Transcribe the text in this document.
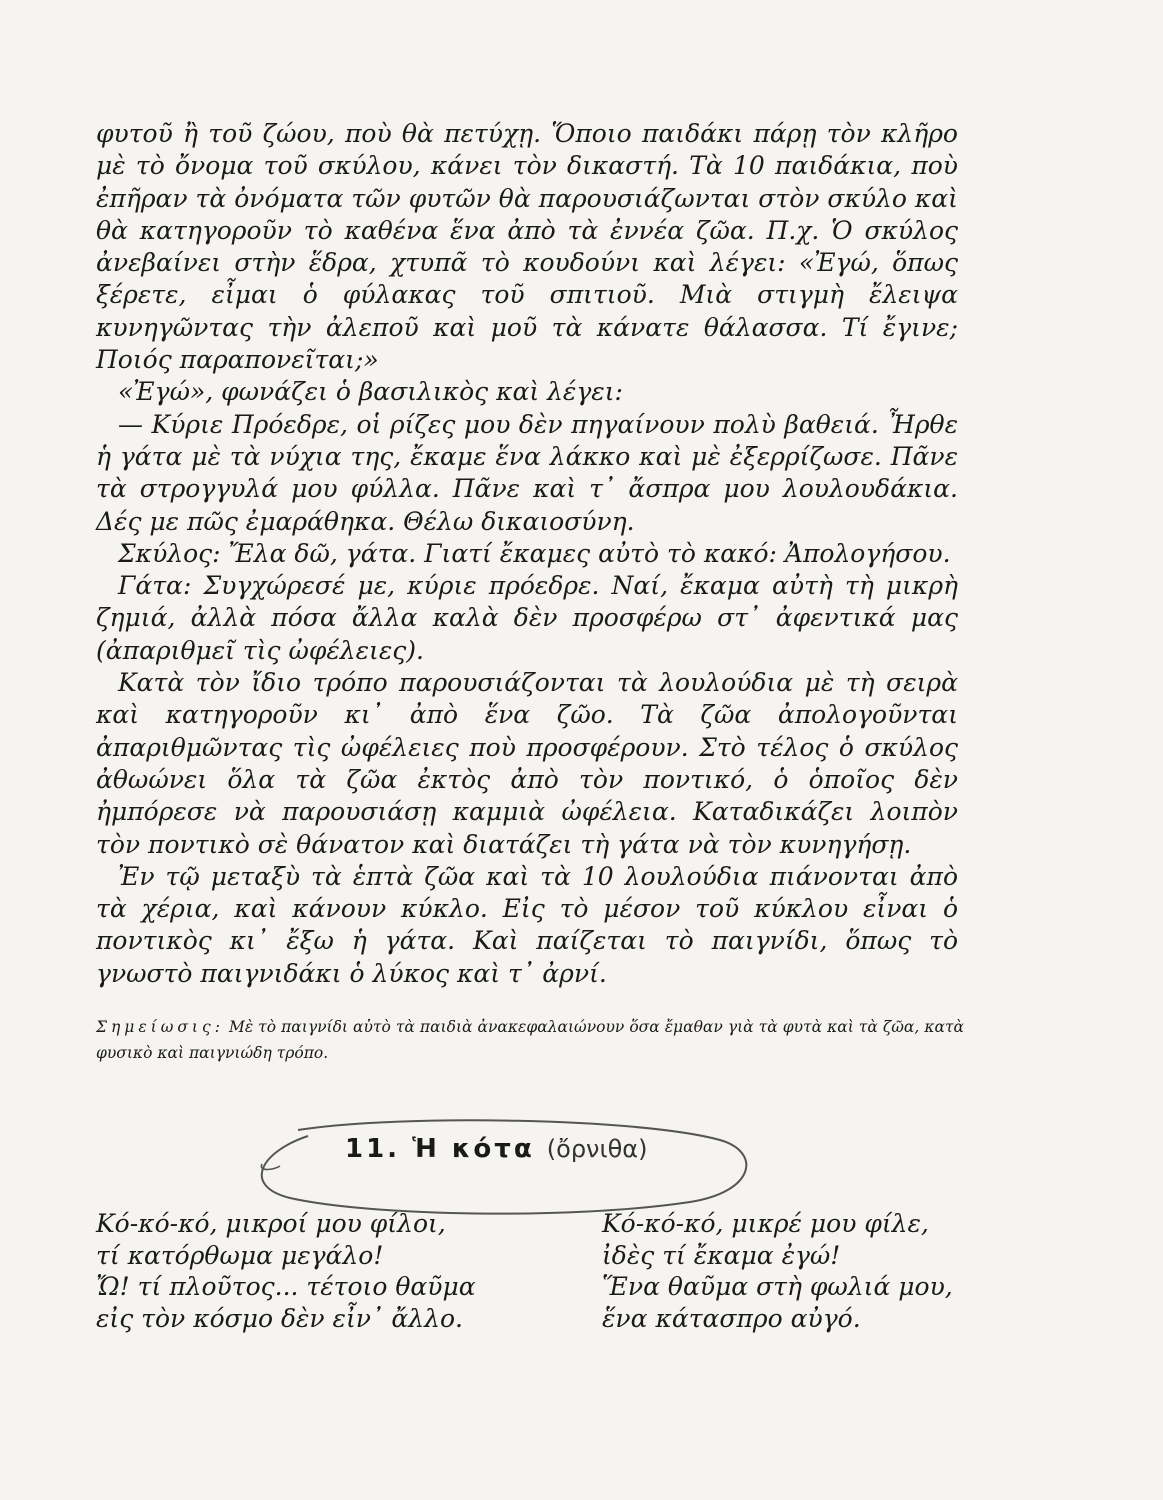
φυτοῦ ἢ τοῦ ζώου, ποὺ θὰ πετύχῃ. Ὅποιο παιδάκι πάρῃ τὸν κλῆρο μὲ τὸ ὄνομα τοῦ σκύλου, κάνει τὸν δικαστή. Τὰ 10 παιδάκια, ποὺ ἐπῆραν τὰ ὀνόματα τῶν φυτῶν θὰ παρουσιάζωνται στὸν σκύλο καὶ θὰ κατηγοροῦν τὸ καθένα ἕνα ἀπὸ τὰ ἐννέα ζῶα. Π.χ. Ὁ σκύλος ἀνεβαίνει στὴν ἕδρα, χτυπᾶ τὸ κουδούνι καὶ λέγει: «Ἐγώ, ὅπως ξέρετε, εἶμαι ὁ φύλακας τοῦ σπιτιοῦ. Μιὰ στιγμὴ ἔλειψα κυνηγῶντας τὴν ἀλεποῦ καὶ μοῦ τὰ κάνατε θάλασσα. Τί ἔγινε; Ποιός παραπονεῖται;»

«Ἐγώ», φωνάζει ὁ βασιλικὸς καὶ λέγει:

— Κύριε Πρόεδρε, οἱ ρίζες μου δὲν πηγαίνουν πολὺ βαθειά. Ἦρθε ἡ γάτα μὲ τὰ νύχια της, ἔκαμε ἕνα λάκκο καὶ μὲ ἐξερρίζωσε. Πᾶνε τὰ στρογγυλά μου φύλλα. Πᾶνε καὶ τ᾽ ἄσπρα μου λουλουδάκια. Δές με πῶς ἐμαράθηκα. Θέλω δικαιοσύνη.

Σκύλος: Ἔλα δῶ, γάτα. Γιατί ἔκαμες αὐτὸ τὸ κακό: Ἀπολογήσου.

Γάτα: Συγχώρεσέ με, κύριε πρόεδρε. Ναί, ἔκαμα αὐτὴ τὴ μικρὴ ζημιά, ἀλλὰ πόσα ἄλλα καλὰ δὲν προσφέρω στ᾽ ἀφεντικά μας (ἀπαριθμεῖ τὶς ὠφέλειες).

Κατὰ τὸν ἴδιο τρόπο παρουσιάζονται τὰ λουλούδια μὲ τὴ σειρὰ καὶ κατηγοροῦν κι᾽ ἀπὸ ἕνα ζῶο. Τὰ ζῶα ἀπολογοῦνται ἀπαριθμῶντας τὶς ὠφέλειες ποὺ προσφέρουν. Στὸ τέλος ὁ σκύλος ἀθωώνει ὅλα τὰ ζῶα ἐκτὸς ἀπὸ τὸν ποντικό, ὁ ὁποῖος δὲν ἠμπόρεσε νὰ παρουσιάσῃ καμμιὰ ὠφέλεια. Καταδικάζει λοιπὸν τὸν ποντικὸ σὲ θάνατον καὶ διατάζει τὴ γάτα νὰ τὸν κυνηγήσῃ.

Ἐν τῷ μεταξὺ τὰ ἑπτὰ ζῶα καὶ τὰ 10 λουλούδια πιάνονται ἀπὸ τὰ χέρια, καὶ κάνουν κύκλο. Εἰς τὸ μέσον τοῦ κύκλου εἶναι ὁ ποντικὸς κι᾽ ἔξω ἡ γάτα. Καὶ παίζεται τὸ παιγνίδι, ὅπως τὸ γνωστὸ παιγνιδάκι ὁ λύκος καὶ τ᾽ ἀρνί.

Σημείωσις: Μὲ τὸ παιγνίδι αὐτὸ τὰ παιδιὰ ἀνακεφαλαιώνουν ὅσα ἔμαθαν γιὰ τὰ φυτὰ καὶ τὰ ζῶα, κατὰ φυσικὸ καὶ παιγνιώδη τρόπο.
11. Ἡ κότα (ὄρνιθα)
Κό-κό-κό, μικροί μου φίλοι,
τί κατόρθωμα μεγάλο!
Ὤ! τί πλοῦτος... τέτοιο θαῦμα
εἰς τὸν κόσμο δὲν εἶν᾽ ἄλλο.
Κό-κό-κό, μικρέ μου φίλε,
ἰδὲς τί ἔκαμα ἐγώ!
Ἕνα θαῦμα στὴ φωλιά μου,
ἕνα κάτασπρο αὐγό.
